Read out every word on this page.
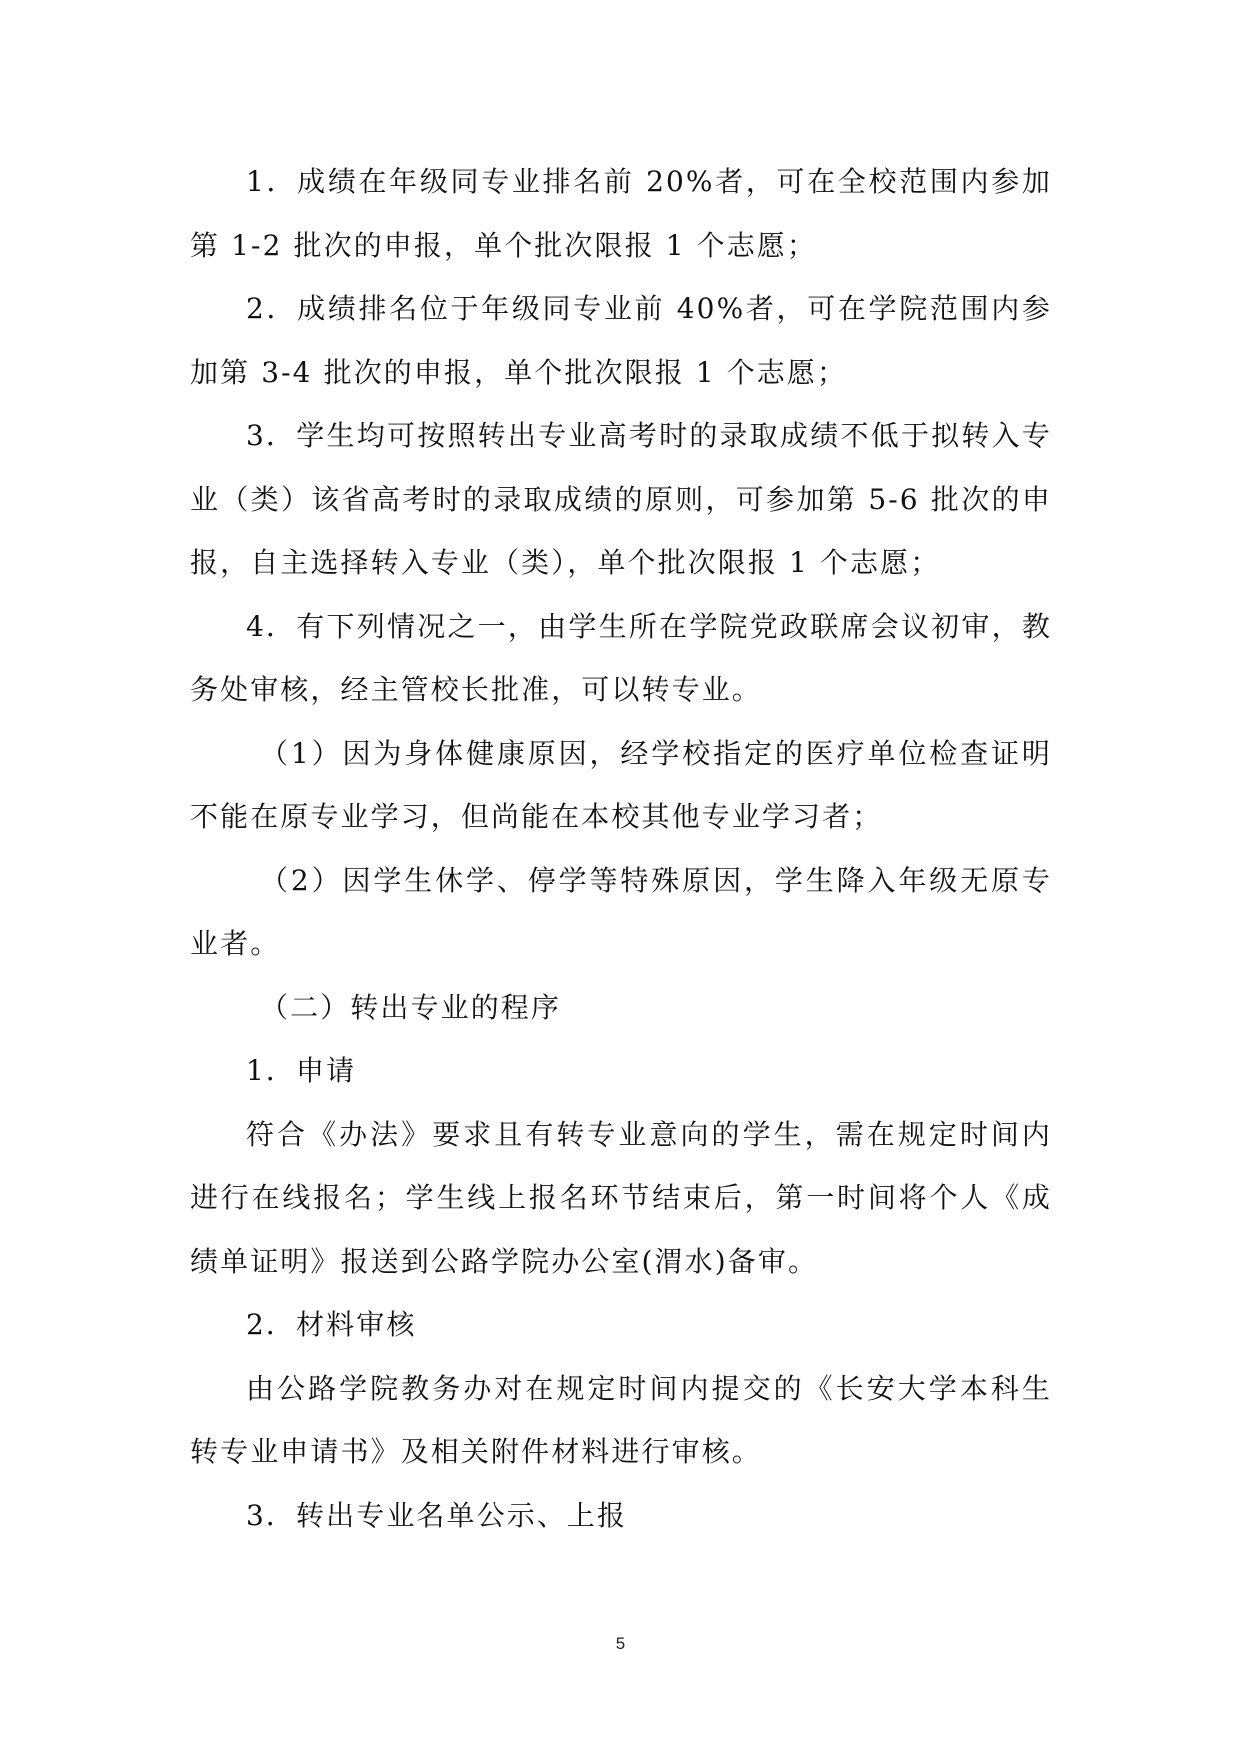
1．成绩在年级同专业排名前 20%者，可在全校范围内参加第 1-2 批次的申报，单个批次限报 1 个志愿；

2．成绩排名位于年级同专业前 40%者，可在学院范围内参加第 3-4 批次的申报，单个批次限报 1 个志愿；

3．学生均可按照转出专业高考时的录取成绩不低于拟转入专业（类）该省高考时的录取成绩的原则，可参加第 5-6 批次的申报，自主选择转入专业（类），单个批次限报 1 个志愿；

4．有下列情况之一，由学生所在学院党政联席会议初审，教务处审核，经主管校长批准，可以转专业。

（1）因为身体健康原因，经学校指定的医疗单位检查证明不能在原专业学习，但尚能在本校其他专业学习者；

（2）因学生休学、停学等特殊原因，学生降入年级无原专业者。

（二）转出专业的程序

1．申请

符合《办法》要求且有转专业意向的学生，需在规定时间内进行在线报名；学生线上报名环节结束后，第一时间将个人《成绩单证明》报送到公路学院办公室(渭水)备审。

2．材料审核

由公路学院教务办对在规定时间内提交的《长安大学本科生转专业申请书》及相关附件材料进行审核。

3．转出专业名单公示、上报

5
